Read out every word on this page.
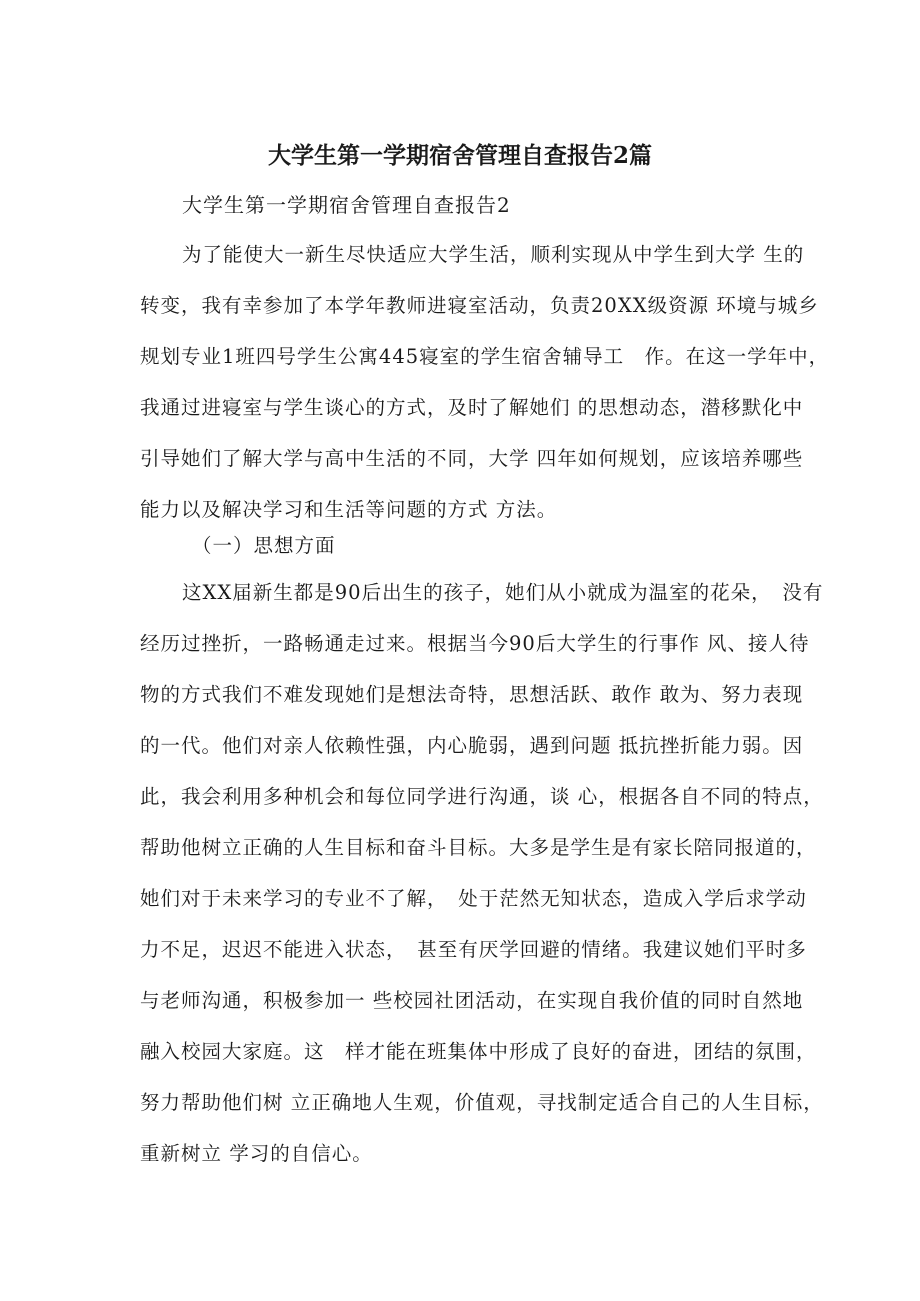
大学生第一学期宿舍管理自查报告2篇
大学生第一学期宿舍管理自查报告2
为了能使大一新生尽快适应大学生活，顺利实现从中学生到大学 生的
转变，我有幸参加了本学年教师进寝室活动，负责20XX级资源 环境与城乡
规划专业1班四号学生公寓445寝室的学生宿舍辅导工　作。在这一学年中，
我通过进寝室与学生谈心的方式，及时了解她们 的思想动态，潜移默化中
引导她们了解大学与高中生活的不同，大学 四年如何规划，应该培养哪些
能力以及解决学习和生活等问题的方式 方法。
（一）思想方面
这XX届新生都是90后出生的孩子，她们从小就成为温室的花朵，　没有
经历过挫折，一路畅通走过来。根据当今90后大学生的行事作 风、接人待
物的方式我们不难发现她们是想法奇特，思想活跃、敢作 敢为、努力表现
的一代。他们对亲人依赖性强，内心脆弱，遇到问题 抵抗挫折能力弱。因
此，我会利用多种机会和每位同学进行沟通，谈 心，根据各自不同的特点，
帮助他树立正确的人生目标和奋斗目标。大多是学生是有家长陪同报道的，
她们对于未来学习的专业不了解，　处于茫然无知状态，造成入学后求学动
力不足，迟迟不能进入状态，　甚至有厌学回避的情绪。我建议她们平时多
与老师沟通，积极参加一 些校园社团活动，在实现自我价值的同时自然地
融入校园大家庭。这　样才能在班集体中形成了良好的奋进，团结的氛围，
努力帮助他们树 立正确地人生观，价值观，寻找制定适合自己的人生目标，
重新树立 学习的自信心。
